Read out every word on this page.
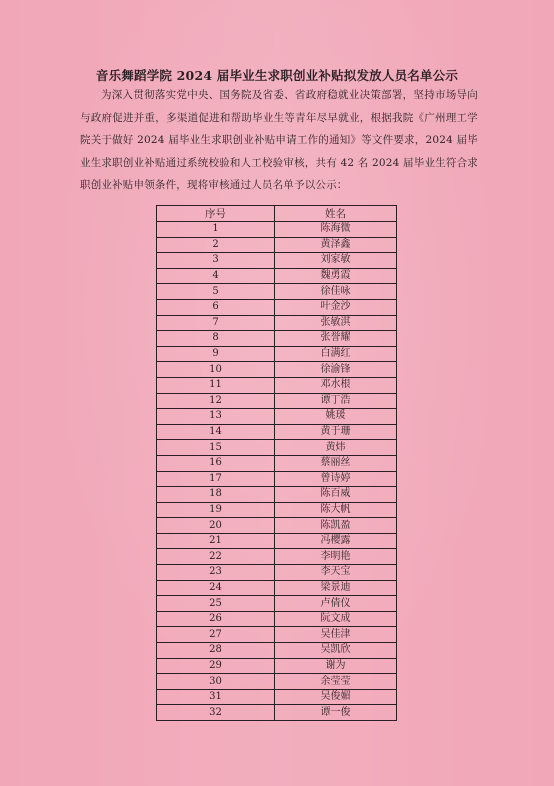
音乐舞蹈学院 2024 届毕业生求职创业补贴拟发放人员名单公示
为深入贯彻落实党中央、国务院及省委、省政府稳就业决策部署，坚持市场导向与政府促进并重，多渠道促进和帮助毕业生等青年尽早就业，根据我院《广州理工学院关于做好 2024 届毕业生求职创业补贴申请工作的通知》等文件要求，2024 届毕业生求职创业补贴通过系统校验和人工校验审核，共有 42 名 2024 届毕业生符合求职创业补贴申领条件，现将审核通过人员名单予以公示：
序号	姓名
1	陈海微
2	黄泽鑫
3	刘家敏
4	魏勇霞
5	徐佳咏
6	叶金沙
7	张敏淇
8	张誉耀
9	白满红
10	徐渝锋
11	邓水根
12	谭丁浩
13	姚瑗
14	黄于珊
15	黄炜
16	蔡丽丝
17	曾诗婷
18	陈百威
19	陈大帆
20	陈凯盈
21	冯樱露
22	李明艳
23	李天宝
24	梁景迪
25	卢倩仪
26	阮文成
27	吴佳津
28	吴凯欣
29	谢为
30	余莹莹
31	吴俊媚
32	谭一俊
